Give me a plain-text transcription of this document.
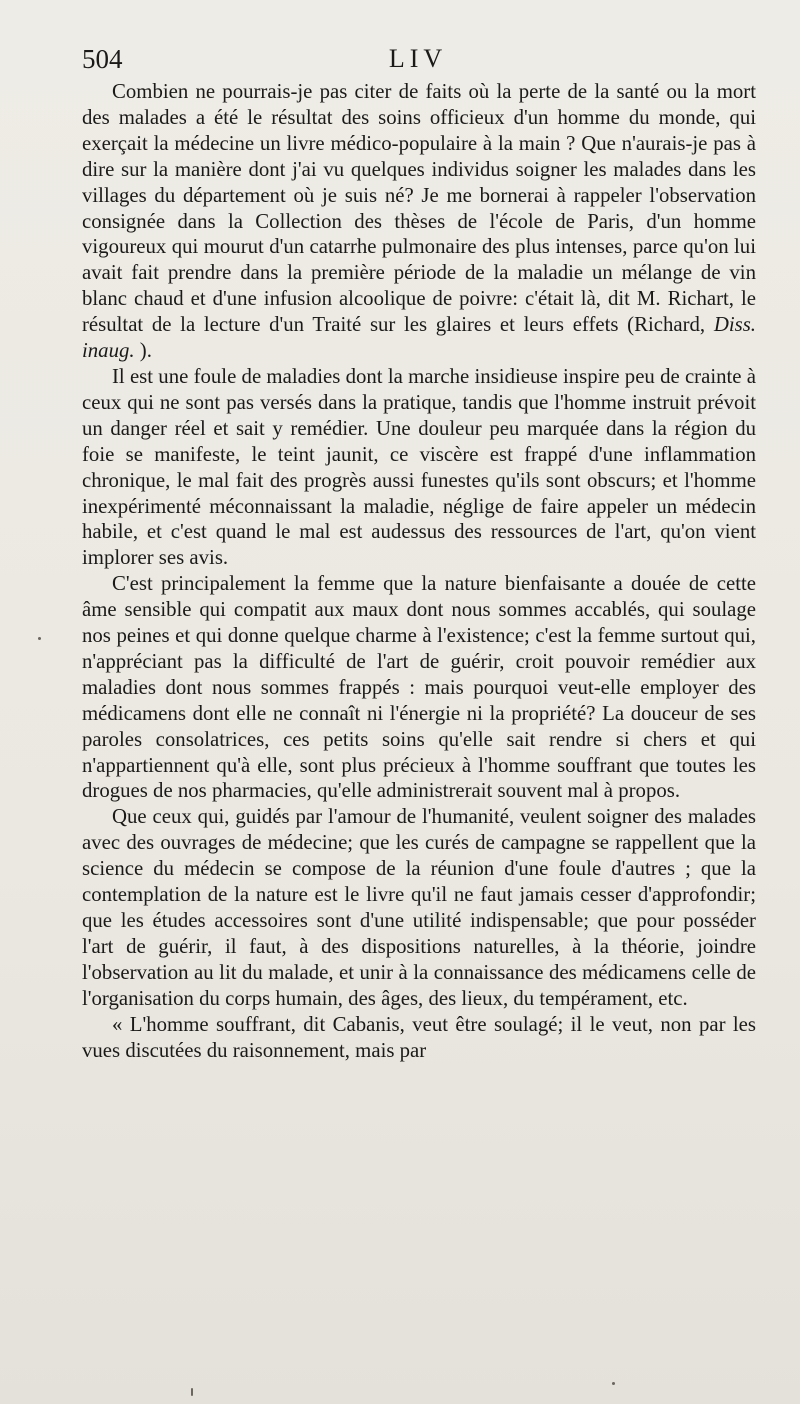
504	LIV

Combien ne pourrais-je pas citer de faits où la perte de la santé ou la mort des malades a été le résultat des soins officieux d'un homme du monde, qui exerçait la médecine un livre médico-populaire à la main ? Que n'aurais-je pas à dire sur la manière dont j'ai vu quelques individus soigner les malades dans les villages du département où je suis né? Je me bornerai à rappeler l'observation consignée dans la Collection des thèses de l'école de Paris, d'un homme vigoureux qui mourut d'un catarrhe pulmonaire des plus intenses, parce qu'on lui avait fait prendre dans la première période de la maladie un mélange de vin blanc chaud et d'une infusion alcoolique de poivre: c'était là, dit M. Richart, le résultat de la lecture d'un Traité sur les glaires et leurs effets (Richard, Diss. inaug. ).

Il est une foule de maladies dont la marche insidieuse inspire peu de crainte à ceux qui ne sont pas versés dans la pratique, tandis que l'homme instruit prévoit un danger réel et sait y remédier. Une douleur peu marquée dans la région du foie se manifeste, le teint jaunit, ce viscère est frappé d'une inflammation chronique, le mal fait des progrès aussi funestes qu'ils sont obscurs; et l'homme inexpérimenté méconnaissant la maladie, néglige de faire appeler un médecin habile, et c'est quand le mal est audessus des ressources de l'art, qu'on vient implorer ses avis.

C'est principalement la femme que la nature bienfaisante a douée de cette âme sensible qui compatit aux maux dont nous sommes accablés, qui soulage nos peines et qui donne quelque charme à l'existence; c'est la femme surtout qui, n'appréciant pas la difficulté de l'art de guérir, croit pouvoir remédier aux maladies dont nous sommes frappés : mais pourquoi veut-elle employer des médicamens dont elle ne connaît ni l'énergie ni la propriété? La douceur de ses paroles consolatrices, ces petits soins qu'elle sait rendre si chers et qui n'appartiennent qu'à elle, sont plus précieux à l'homme souffrant que toutes les drogues de nos pharmacies, qu'elle administrerait souvent mal à propos.

Que ceux qui, guidés par l'amour de l'humanité, veulent soigner des malades avec des ouvrages de médecine; que les curés de campagne se rappellent que la science du médecin se compose de la réunion d'une foule d'autres ; que la contemplation de la nature est le livre qu'il ne faut jamais cesser d'approfondir; que les études accessoires sont d'une utilité indispensable; que pour posséder l'art de guérir, il faut, à des dispositions naturelles, à la théorie, joindre l'observation au lit du malade, et unir à la connaissance des médicamens celle de l'organisation du corps humain, des âges, des lieux, du tempérament, etc.

« L'homme souffrant, dit Cabanis, veut être soulagé; il le veut, non par les vues discutées du raisonnement, mais par
